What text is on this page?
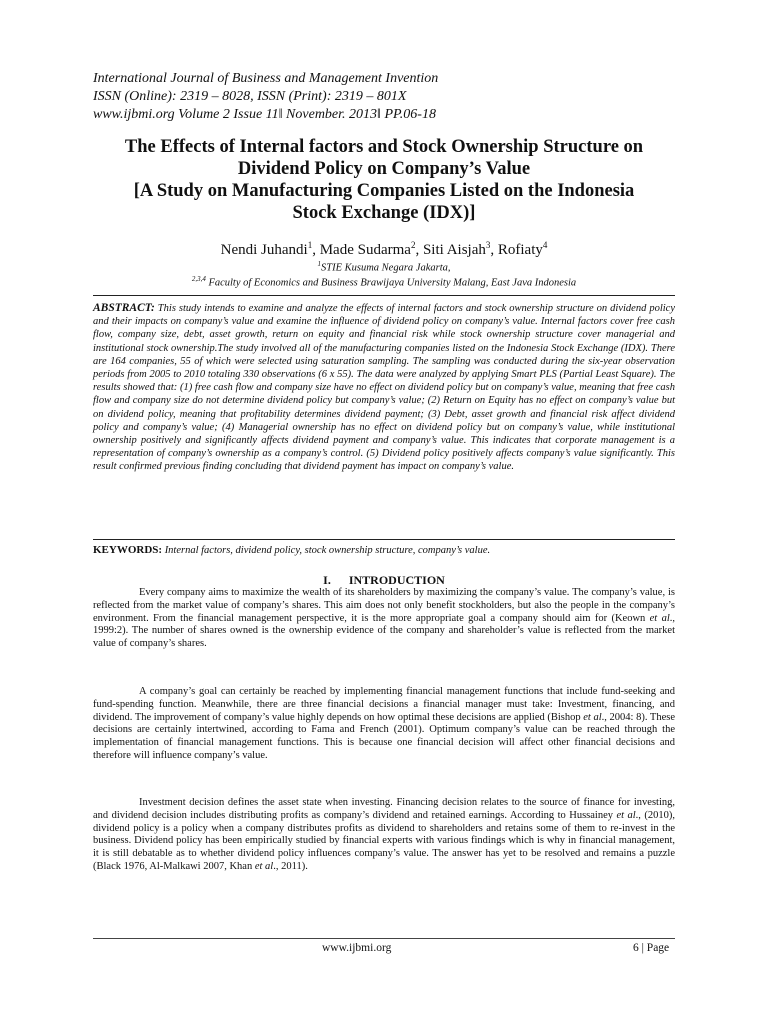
International Journal of Business and Management Invention
ISSN (Online): 2319 – 8028, ISSN (Print): 2319 – 801X
www.ijbmi.org Volume 2 Issue 11‖ November. 2013‖ PP.06-18
The Effects of Internal factors and Stock Ownership Structure on
Dividend Policy on Company’s Value
[A Study on Manufacturing Companies Listed on the Indonesia
Stock Exchange (IDX)]
Nendi Juhandi$^1$, Made Sudarma$^2$, Siti Aisjah$^3$, Rofiaty$^4$
$^1$STIE Kusuma Negara Jakarta,
$^{2,3,4}$ Faculty of Economics and Business Brawijaya University Malang, East Java Indonesia
ABSTRACT: This study intends to examine and analyze the effects of internal factors and stock ownership structure on dividend policy and their impacts on company’s value and examine the influence of dividend policy on company’s value. Internal factors cover free cash flow, company size, debt, asset growth, return on equity and financial risk while stock ownership structure cover managerial and institutional stock ownership.The study involved all of the manufacturing companies listed on the Indonesia Stock Exchange (IDX). There are 164 companies, 55 of which were selected using saturation sampling. The sampling was conducted during the six-year observation periods from 2005 to 2010 totaling 330 observations (6 x 55). The data were analyzed by applying Smart PLS (Partial Least Square). The results showed that: (1) free cash flow and company size have no effect on dividend policy but on company’s value, meaning that free cash flow and company size do not determine dividend policy but company’s value; (2) Return on Equity has no effect on company’s value but on dividend policy, meaning that profitability determines dividend payment; (3) Debt, asset growth and financial risk affect dividend policy and company’s value; (4) Managerial ownership has no effect on dividend policy but on company’s value, while institutional ownership positively and significantly affects dividend payment and company’s value. This indicates that corporate management is a representation of company’s ownership as a company’s control. (5) Dividend policy positively affects company’s value significantly. This result confirmed previous finding concluding that dividend payment has impact on company’s value.
KEYWORDS: Internal factors, dividend policy, stock ownership structure, company’s value.
I. INTRODUCTION

Every company aims to maximize the wealth of its shareholders by maximizing the company’s value. The company’s value, is reflected from the market value of company’s shares. This aim does not only benefit stockholders, but also the people in the company’s environment. From the financial management perspective, it is the more appropriate goal a company should aim for (Keown et al., 1999:2). The number of shares owned is the ownership evidence of the company and shareholder’s value is reflected from the market value of company’s shares.

A company’s goal can certainly be reached by implementing financial management functions that include fund-seeking and fund-spending function. Meanwhile, there are three financial decisions a financial manager must take: Investment, financing, and dividend. The improvement of company’s value highly depends on how optimal these decisions are applied (Bishop et al., 2004: 8). These decisions are certainly intertwined, according to Fama and French (2001). Optimum company’s value can be reached through the implementation of financial management functions. This is because one financial decision will affect other financial decisions and therefore will influence company’s value.

Investment decision defines the asset state when investing. Financing decision relates to the source of finance for investing, and dividend decision includes distributing profits as company’s dividend and retained earnings. According to Hussainey et al., (2010), dividend policy is a policy when a company distributes profits as dividend to shareholders and retains some of them to re-invest in the business. Dividend policy has been empirically studied by financial experts with various findings which is why in financial management, it is still debatable as to whether dividend policy influences company’s value. The answer has yet to be resolved and remains a puzzle (Black 1976, Al-Malkawi 2007, Khan et al., 2011).

www.ijbmi.org	6 | Page
